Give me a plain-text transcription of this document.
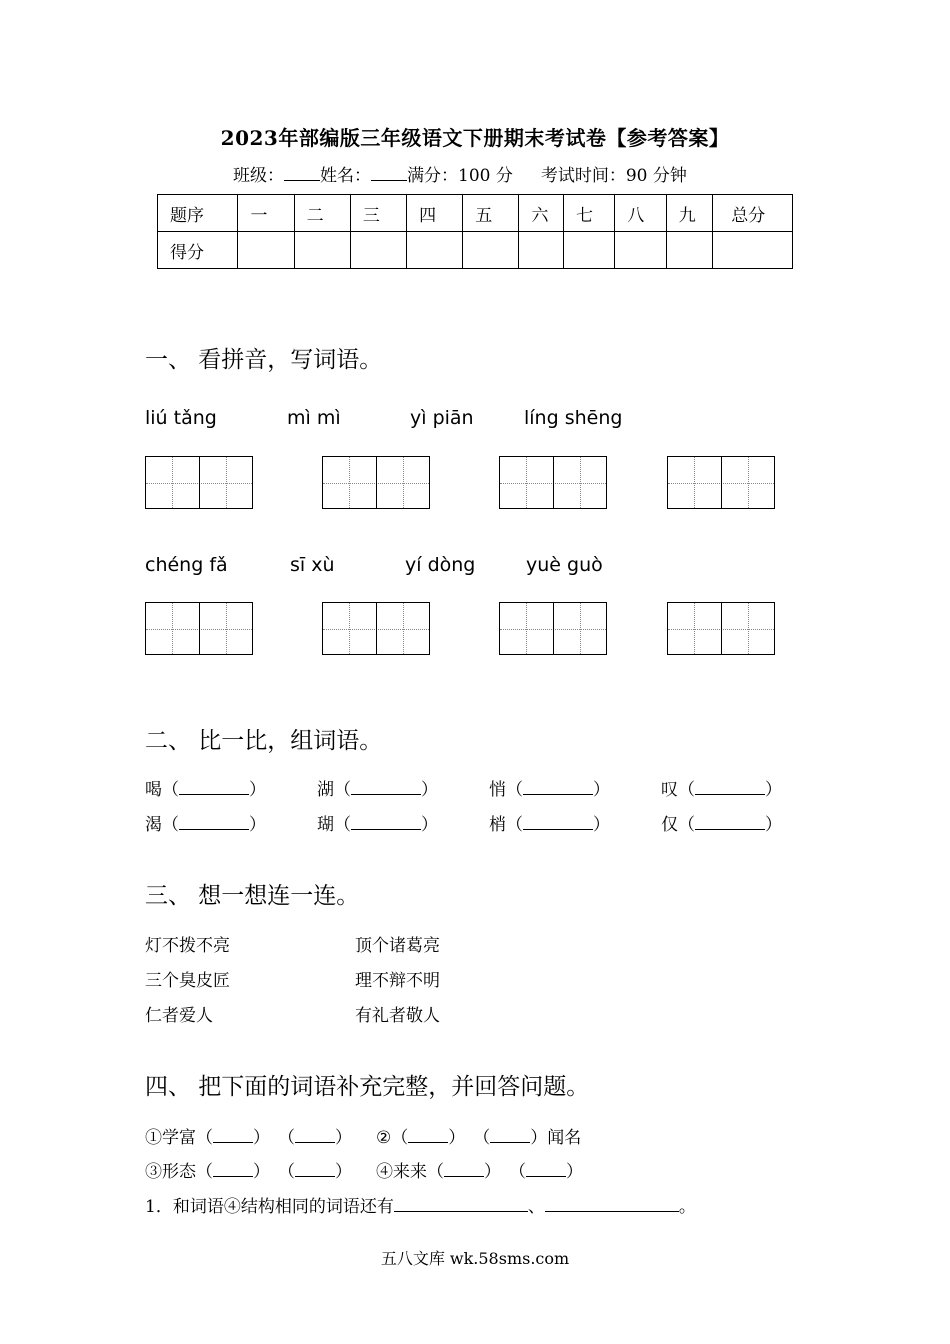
2023年部编版三年级语文下册期末考试卷【参考答案】
班级： 姓名： 满分：100 分 考试时间：90 分钟
题序	一	二	三	四	五	六	七	八	九	总分
得分										
一、 看拼音，写词语。
liú tǎng	mì mì	yì piān	líng shēng
chéng fǎ	sī xù	yí dòng	yuè guò
二、 比一比，组词语。
喝（	）	湖（	）	悄（	）	叹（	）
渴（	）	瑚（	）	梢（	）	仅（	）
三、 想一想连一连。
灯不拨不亮
三个臭皮匠
仁者爱人
顶个诸葛亮
理不辩不明
有礼者敬人
四、 把下面的词语补充完整，并回答问题。
①学富（ ） （ ） ②（ ） （ ）闻名
③形态（ ） （ ） ④来来（ ） （ ）
1．和词语④结构相同的词语还有	、	。
五八文库 wk.58sms.com
